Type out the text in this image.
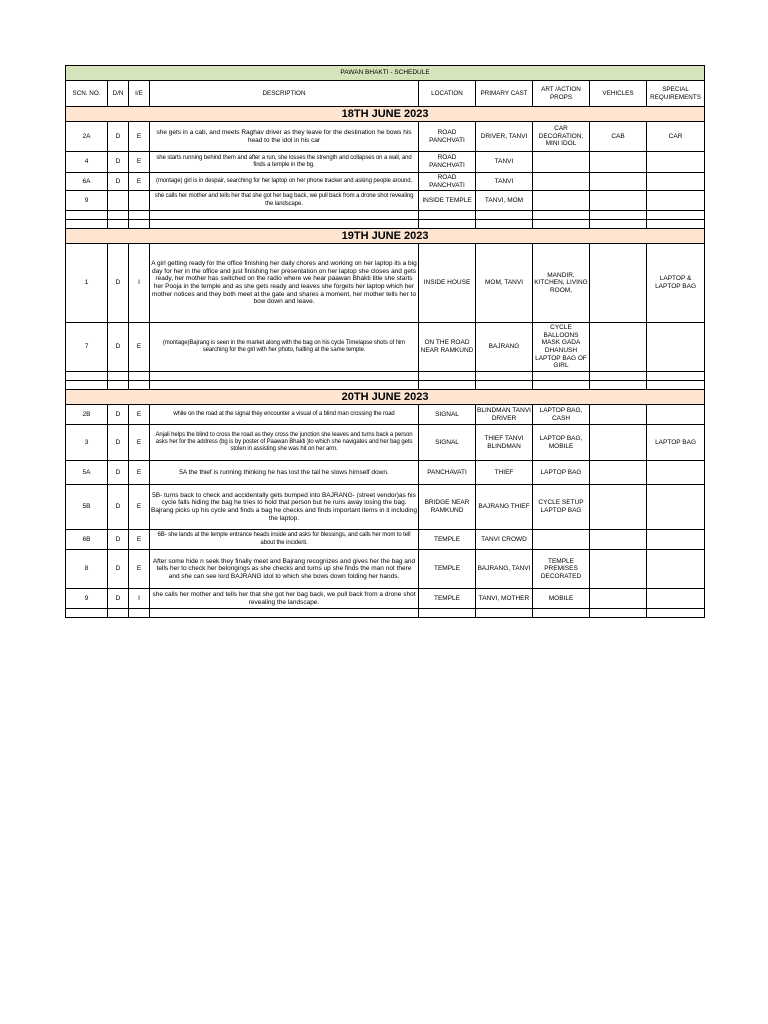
PAWAN BHAKTI - SCHEDULE								
SCN. NO.	D/N	I/E	DESCRIPTION	LOCATION	PRIMARY CAST	ART /ACTION PROPS	VEHICLES	SPECIAL REQUIREMENTS
18TH JUNE 2023								
2A	D	E	she gets in a cab, and meets Raghav driver as they leave for the destination he bows his head to the idol in his car	ROAD PANCHVATI	DRIVER, TANVI	CAR DECORATION, MINI IDOL	CAB	CAR
4	D	E	she starts running behind them and after a run, she losses the strength and collapses on a wall, and finds a temple in the bg.	ROAD PANCHVATI	TANVI			
6A	D	E	(montage) girl is in despair, searching for her laptop on her phone tracker and asking people around.	ROAD PANCHVATI	TANVI			
9			she calls her mother and tells her that she got her bag back, we pull back from a drone shot revealing the landscape.	INSIDE TEMPLE	TANVI, MOM			

19TH JUNE 2023								
1	D	I	A girl getting ready for the office finishing her daily chores and working on her laptop its a big day for her in the office and just finishing her presentation on her laptop she closes and gets ready, her mother has switched on the radio where we hear paawan Bhakti title she starts her Pooja in the temple and as she gets ready and leaves she forgets her laptop which her mother notices and they both meet at the gate and shares a moment, her mother tells her to bow down and leave.	INSIDE HOUSE	MOM, TANVI	MANDIR, KITCHEN, LIVING ROOM,		LAPTOP & LAPTOP BAG
7	D	E	(montage)Bajrang is seen in the market along with the bag on his cycle Timelapse shots of him searching for the girl with her photo, halting at the same temple.	ON THE ROAD NEAR RAMKUND	BAJRANG	CYCLE BALLOONS MASK GADA DHANUSH LAPTOP BAG OF GIRL		

20TH JUNE 2023								
2B	D	E	while on the road at the signal they encounter a visual of a blind man crossing the road	SIGNAL	BLINDMAN TANVI DRIVER	LAPTOP BAG, CASH		
3	D	E	Anjali helps the blind to cross the road as they cross the junction she leaves and turns back a person asks her for the address (bg is by poster of Paawan Bhakti )to which she navigates and her bag gets stolen in assisting she was hit on her arm.	SIGNAL	THIEF TANVI BLINDMAN	LAPTOP BAG, MOBILE		LAPTOP BAG
5A	D	E	5A the thief is running thinking he has lost the tail he slows himself down.	PANCHAVATI	THIEF	LAPTOP BAG		
5B	D	E	5B- turns back to check and accidentally gets bumped into BAJRANG- (street vendor)as his cycle falls hiding the bag he tries to hold that person but he runs away losing the bag. Bajrang picks up his cycle and finds a bag he checks and finds important items in it including the laptop.	BRIDGE NEAR RAMKUND	BAJRANG THIEF	CYCLE SETUP LAPTOP BAG		
6B	D	E	6B- she lands at the temple entrance heads inside and asks for blessings, and calls her mom to tell about the incident.	TEMPLE	TANVI CROWD			
8	D	E	After some hide n seek they finally meet and Bajrang recognizes and gives her the bag and tells her to check her belongings as she checks and turns up she finds the man not there and she can see lord BAJRANG idol to which she bows down folding her hands.	TEMPLE	BAJRANG, TANVI	TEMPLE PREMISES DECORATED		
9	D	I	she calls her mother and tells her that she got her bag back, we pull back from a drone shot revealing the landscape.	TEMPLE	TANVI, MOTHER	MOBILE		
